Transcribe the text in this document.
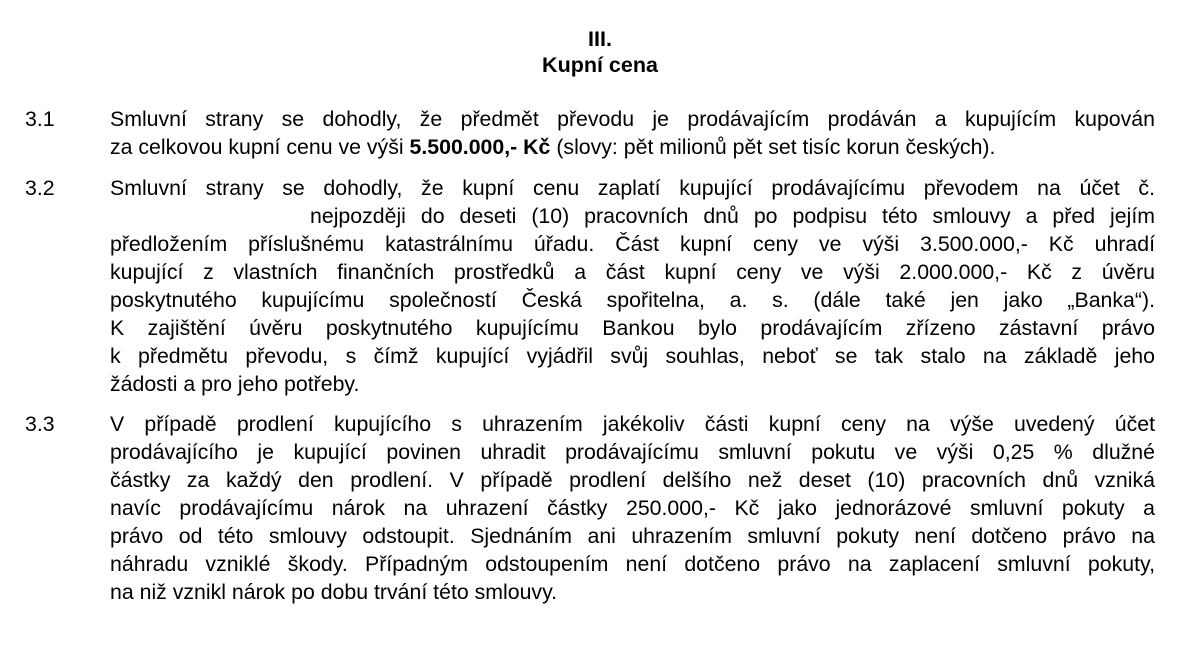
III.
Kupní cena
3.1	Smluvní strany se dohodly, že předmět převodu je prodávajícím prodáván a kupujícím kupován
za celkovou kupní cenu ve výši 5.500.000,- Kč (slovy: pět milionů pět set tisíc korun českých).
3.2	Smluvní strany se dohodly, že kupní cenu zaplatí kupující prodávajícímu převodem na účet č.
nejpozději do deseti (10) pracovních dnů po podpisu této smlouvy a před jejím
předložením příslušnému katastrálnímu úřadu. Část kupní ceny ve výši 3.500.000,- Kč uhradí
kupující z vlastních finančních prostředků a část kupní ceny ve výši 2.000.000,- Kč z úvěru
poskytnutého kupujícímu společností Česká spořitelna, a. s. (dále také jen jako „Banka“).
K zajištění úvěru poskytnutého kupujícímu Bankou bylo prodávajícím zřízeno zástavní právo
k předmětu převodu, s čímž kupující vyjádřil svůj souhlas, neboť se tak stalo na základě jeho
žádosti a pro jeho potřeby.
3.3	V případě prodlení kupujícího s uhrazením jakékoliv části kupní ceny na výše uvedený účet
prodávajícího je kupující povinen uhradit prodávajícímu smluvní pokutu ve výši 0,25 % dlužné
částky za každý den prodlení. V případě prodlení delšího než deset (10) pracovních dnů vzniká
navíc prodávajícímu nárok na uhrazení částky 250.000,- Kč jako jednorázové smluvní pokuty a
právo od této smlouvy odstoupit. Sjednáním ani uhrazením smluvní pokuty není dotčeno právo na
náhradu vzniklé škody. Případným odstoupením není dotčeno právo na zaplacení smluvní pokuty,
na niž vznikl nárok po dobu trvání této smlouvy.
